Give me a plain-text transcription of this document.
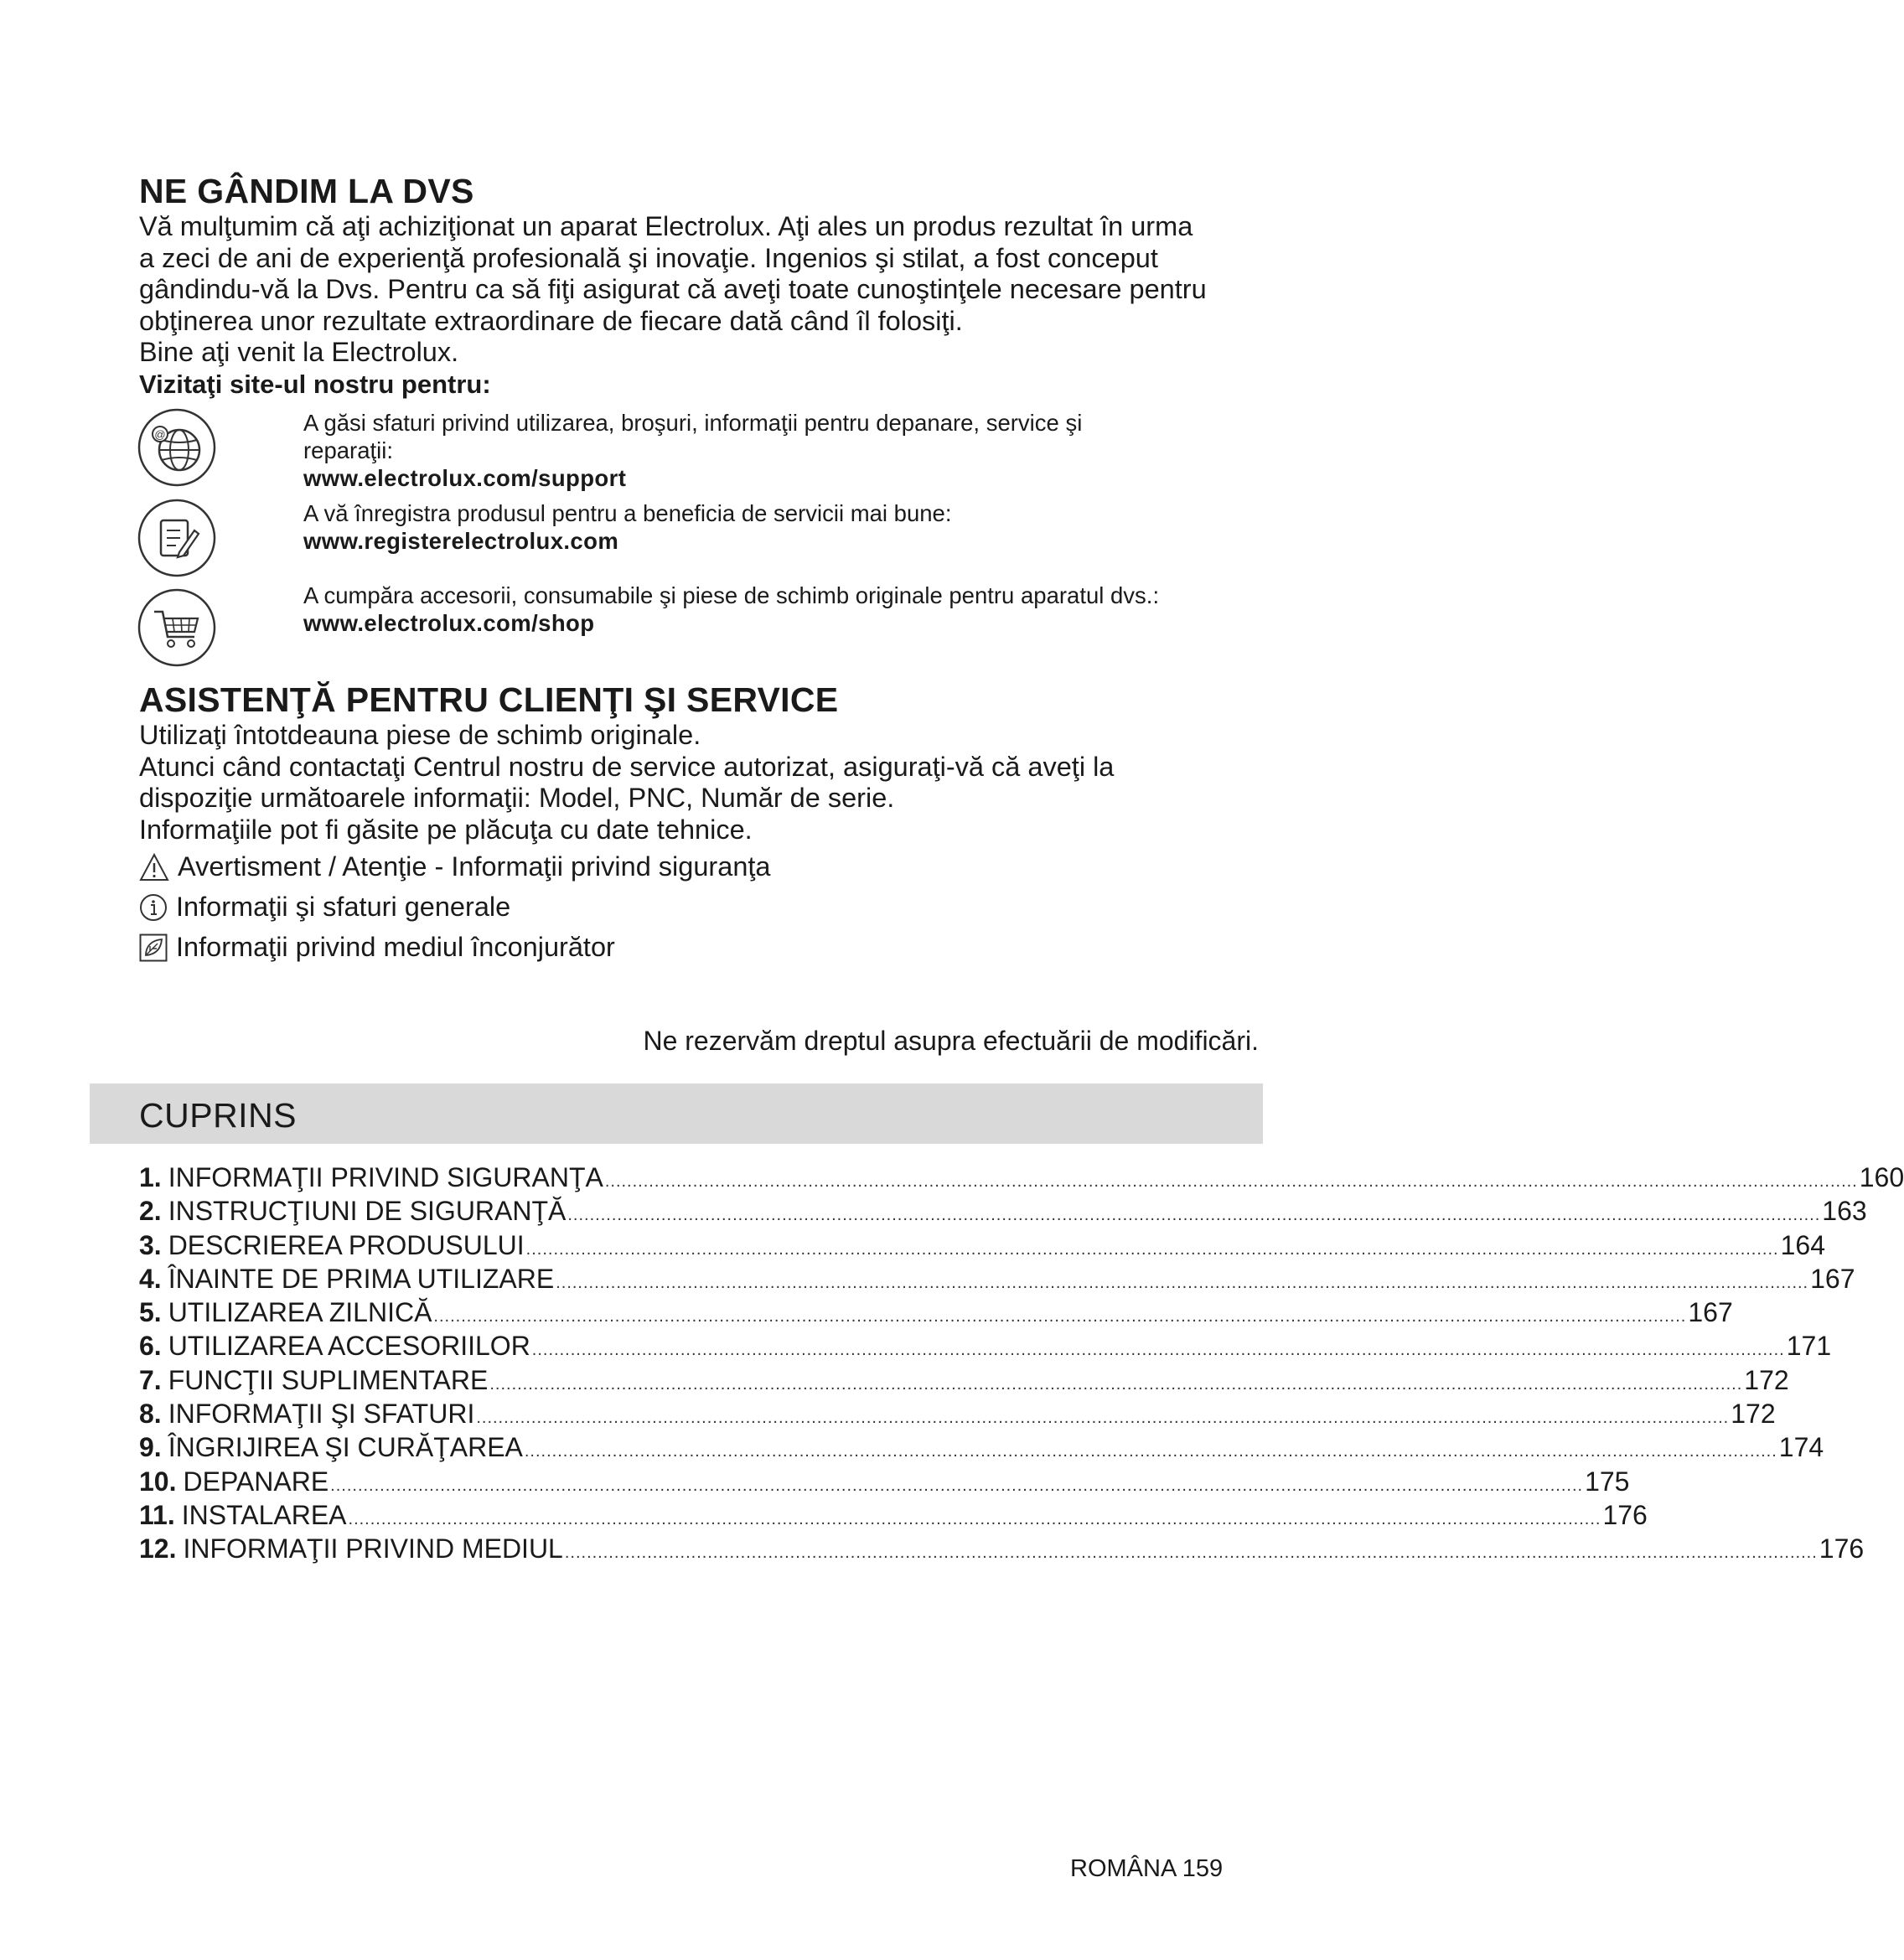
NE GÂNDIM LA DVS
Vă mulţumim că aţi achiziţionat un aparat Electrolux. Aţi ales un produs rezultat în urma
a zeci de ani de experienţă profesională şi inovaţie. Ingenios şi stilat, a fost conceput
gândindu-vă la Dvs. Pentru ca să fiţi asigurat că aveţi toate cunoştinţele necesare pentru
obţinerea unor rezultate extraordinare de fiecare dată când îl folosiţi.
Bine aţi venit la Electrolux.
Vizitaţi site-ul nostru pentru:
@	A găsi sfaturi privind utilizarea, broşuri, informaţii pentru depanare, service şi
reparaţii:
www.electrolux.com/support
A vă înregistra produsul pentru a beneficia de servicii mai bune:
www.registerelectrolux.com
A cumpăra accesorii, consumabile şi piese de schimb originale pentru aparatul dvs.:
www.electrolux.com/shop
ASISTENŢĂ PENTRU CLIENŢI ŞI SERVICE
Utilizaţi întotdeauna piese de schimb originale.
Atunci când contactaţi Centrul nostru de service autorizat, asiguraţi-vă că aveţi la
dispoziţie următoarele informaţii: Model, PNC, Număr de serie.
Informaţiile pot fi găsite pe plăcuţa cu date tehnice.
Avertisment / Atenţie - Informaţii privind siguranţa
Informaţii şi sfaturi generale
Informaţii privind mediul înconjurător
Ne rezervăm dreptul asupra efectuării de modificări.
CUPRINS
1. INFORMAŢII PRIVIND SIGURANŢA .................................................................................................................................................................................................................................... 160
2. INSTRUCŢIUNI DE SIGURANŢĂ .................................................................................................................................................................................................................................... 163
3. DESCRIEREA PRODUSULUI .................................................................................................................................................................................................................................... 164
4. ÎNAINTE DE PRIMA UTILIZARE .................................................................................................................................................................................................................................... 167
5. UTILIZAREA ZILNICĂ .................................................................................................................................................................................................................................... 167
6. UTILIZAREA ACCESORIILOR .................................................................................................................................................................................................................................... 171
7. FUNCŢII SUPLIMENTARE .................................................................................................................................................................................................................................... 172
8. INFORMAŢII ŞI SFATURI .................................................................................................................................................................................................................................... 172
9. ÎNGRIJIREA ŞI CURĂŢAREA .................................................................................................................................................................................................................................... 174
10. DEPANARE .................................................................................................................................................................................................................................... 175
11. INSTALAREA .................................................................................................................................................................................................................................... 176
12. INFORMAŢII PRIVIND MEDIUL .................................................................................................................................................................................................................................... 176
ROMÂNA 159
